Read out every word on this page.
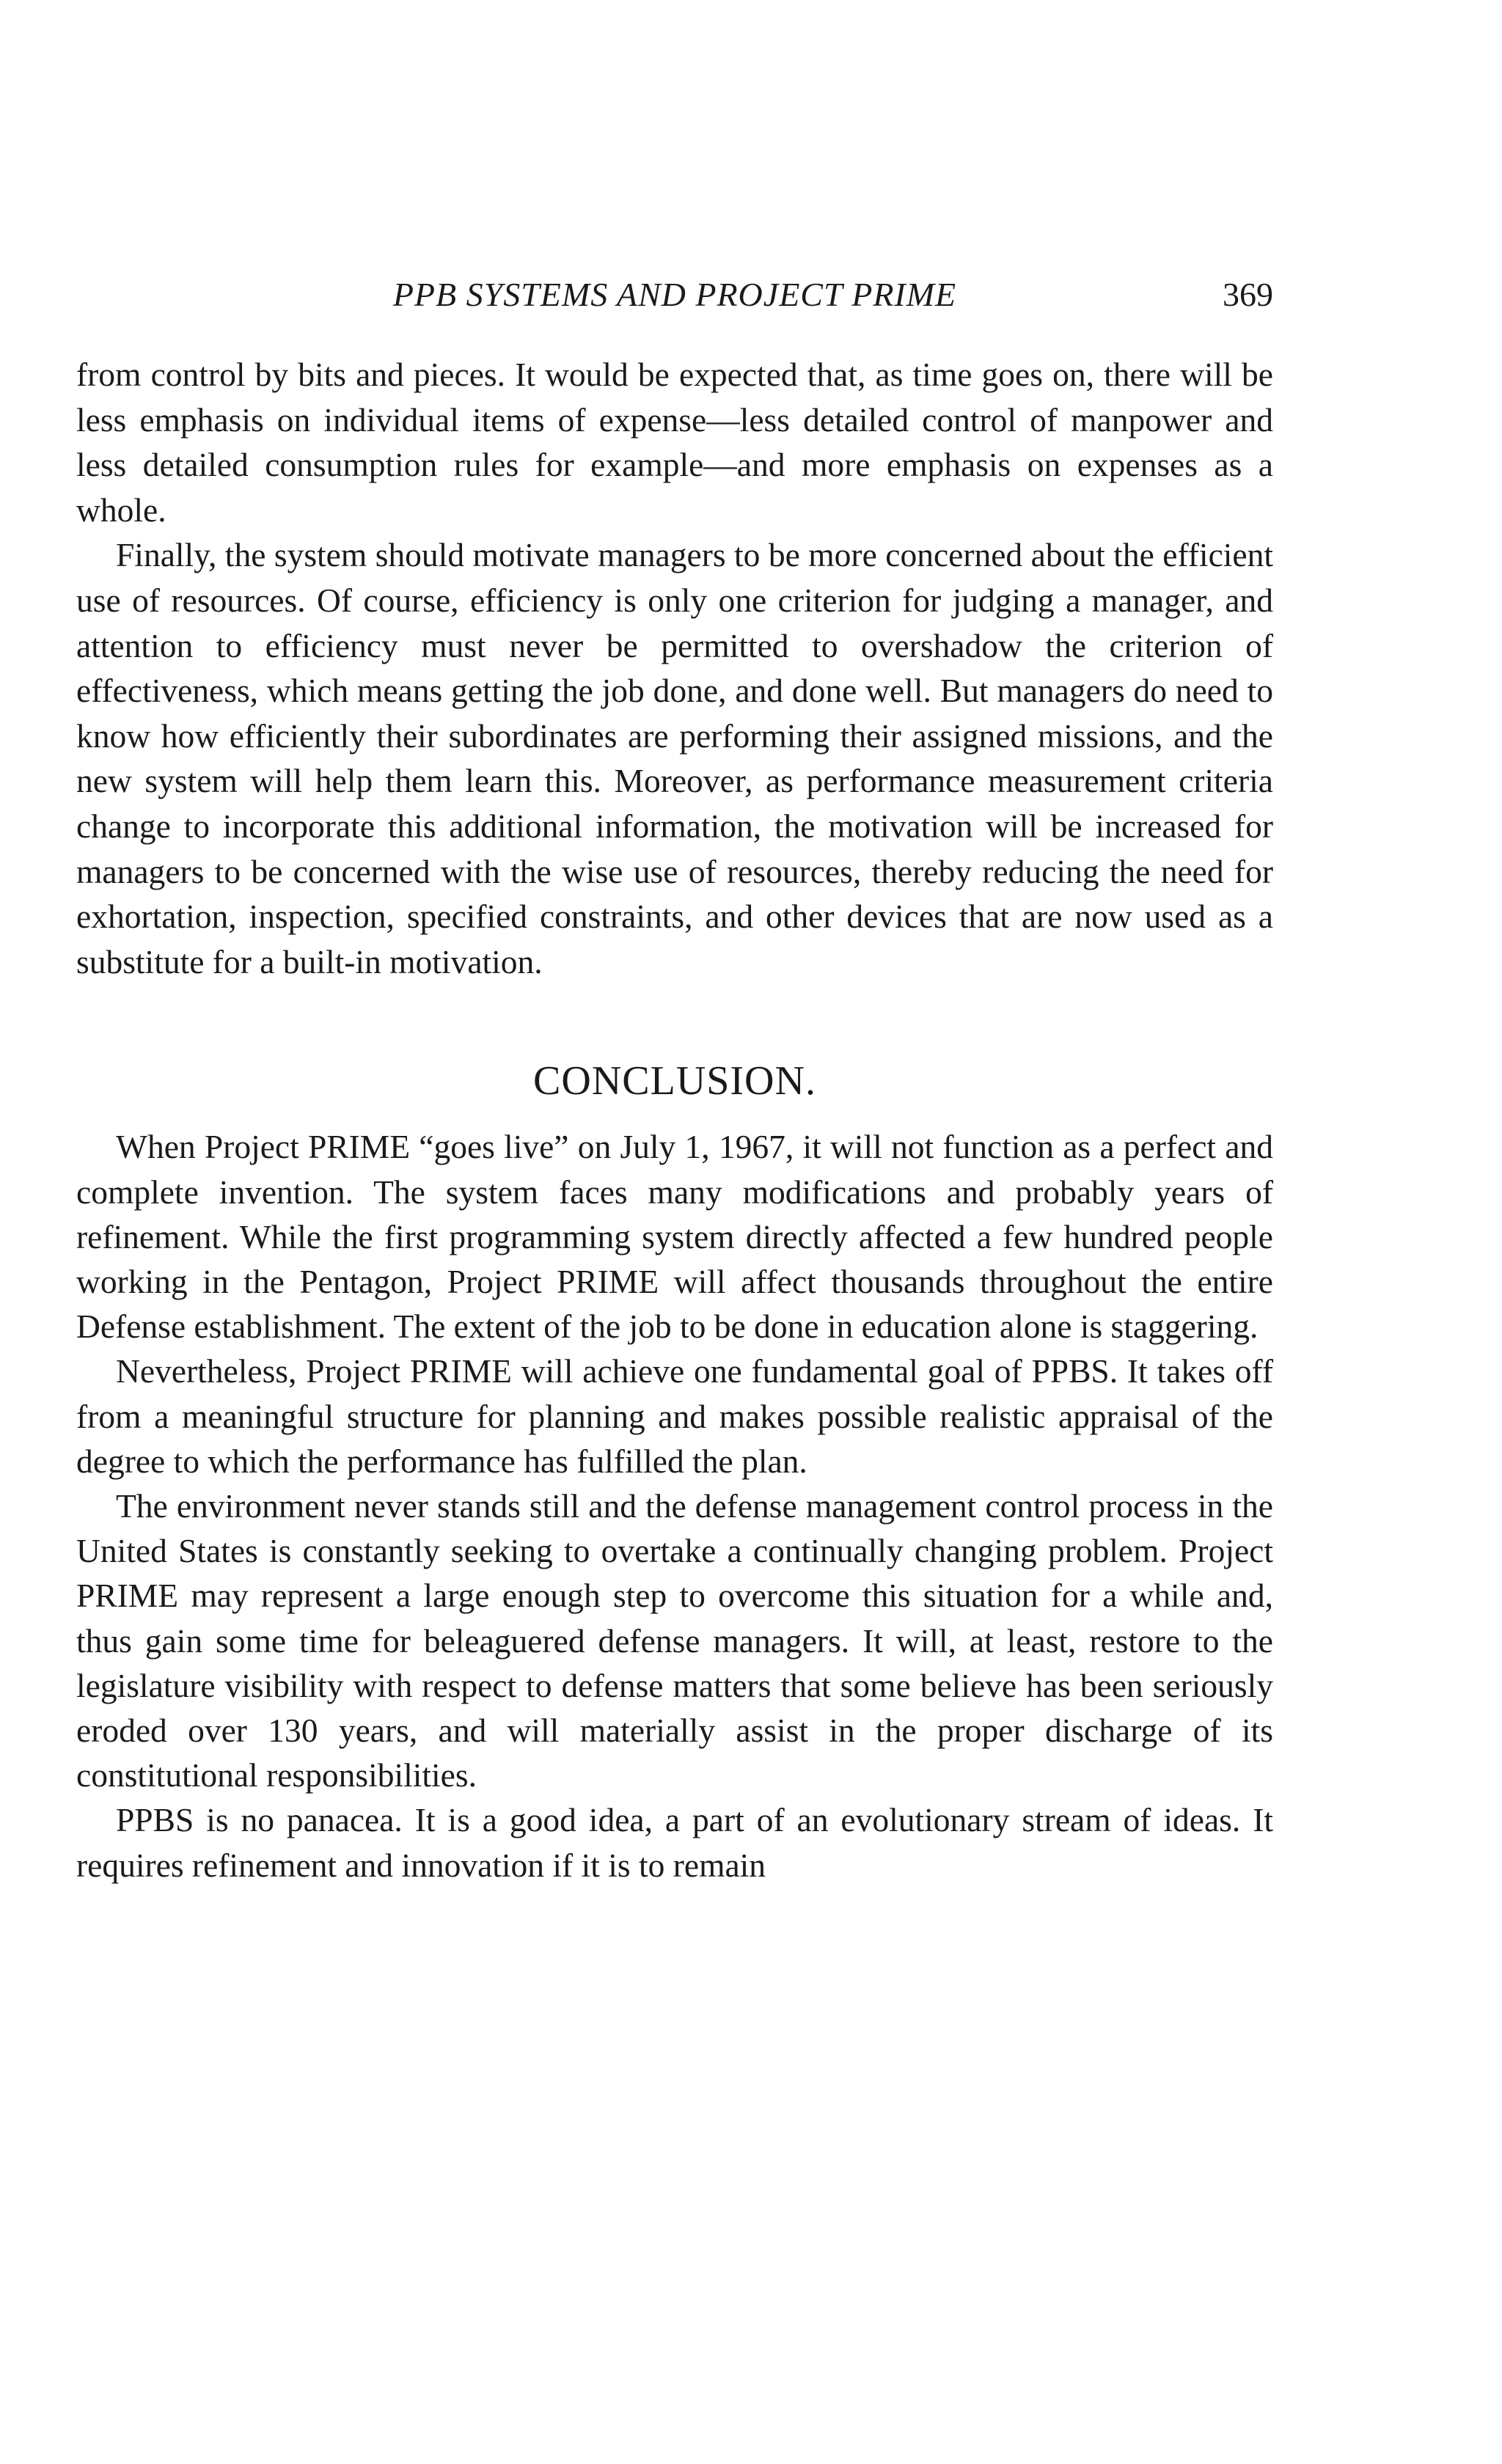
PPB SYSTEMS AND PROJECT PRIME	369

from control by bits and pieces. It would be expected that, as time goes on, there will be less emphasis on individual items of expense—less detailed control of manpower and less detailed consumption rules for example—and more emphasis on expenses as a whole.

Finally, the system should motivate managers to be more concerned about the efficient use of resources. Of course, efficiency is only one criterion for judging a manager, and attention to efficiency must never be permitted to overshadow the criterion of effectiveness, which means getting the job done, and done well. But managers do need to know how efficiently their subordinates are performing their assigned missions, and the new system will help them learn this. Moreover, as performance measurement criteria change to incorporate this additional information, the motivation will be increased for managers to be concerned with the wise use of resources, thereby reducing the need for exhortation, inspection, specified constraints, and other devices that are now used as a substitute for a built-in motivation.

CONCLUSION.

When Project PRIME “goes live” on July 1, 1967, it will not function as a perfect and complete invention. The system faces many modifications and probably years of refinement. While the first programming system directly affected a few hundred people working in the Pentagon, Project PRIME will affect thousands throughout the entire Defense establishment. The extent of the job to be done in education alone is staggering.

Nevertheless, Project PRIME will achieve one fundamental goal of PPBS. It takes off from a meaningful structure for planning and makes possible realistic appraisal of the degree to which the performance has fulfilled the plan.

The environment never stands still and the defense management control process in the United States is constantly seeking to overtake a continually changing problem. Project PRIME may represent a large enough step to overcome this situation for a while and, thus gain some time for beleaguered defense managers. It will, at least, restore to the legislature visibility with respect to defense matters that some believe has been seriously eroded over 130 years, and will materially assist in the proper discharge of its constitutional responsibilities.

PPBS is no panacea. It is a good idea, a part of an evolutionary stream of ideas. It requires refinement and innovation if it is to remain
